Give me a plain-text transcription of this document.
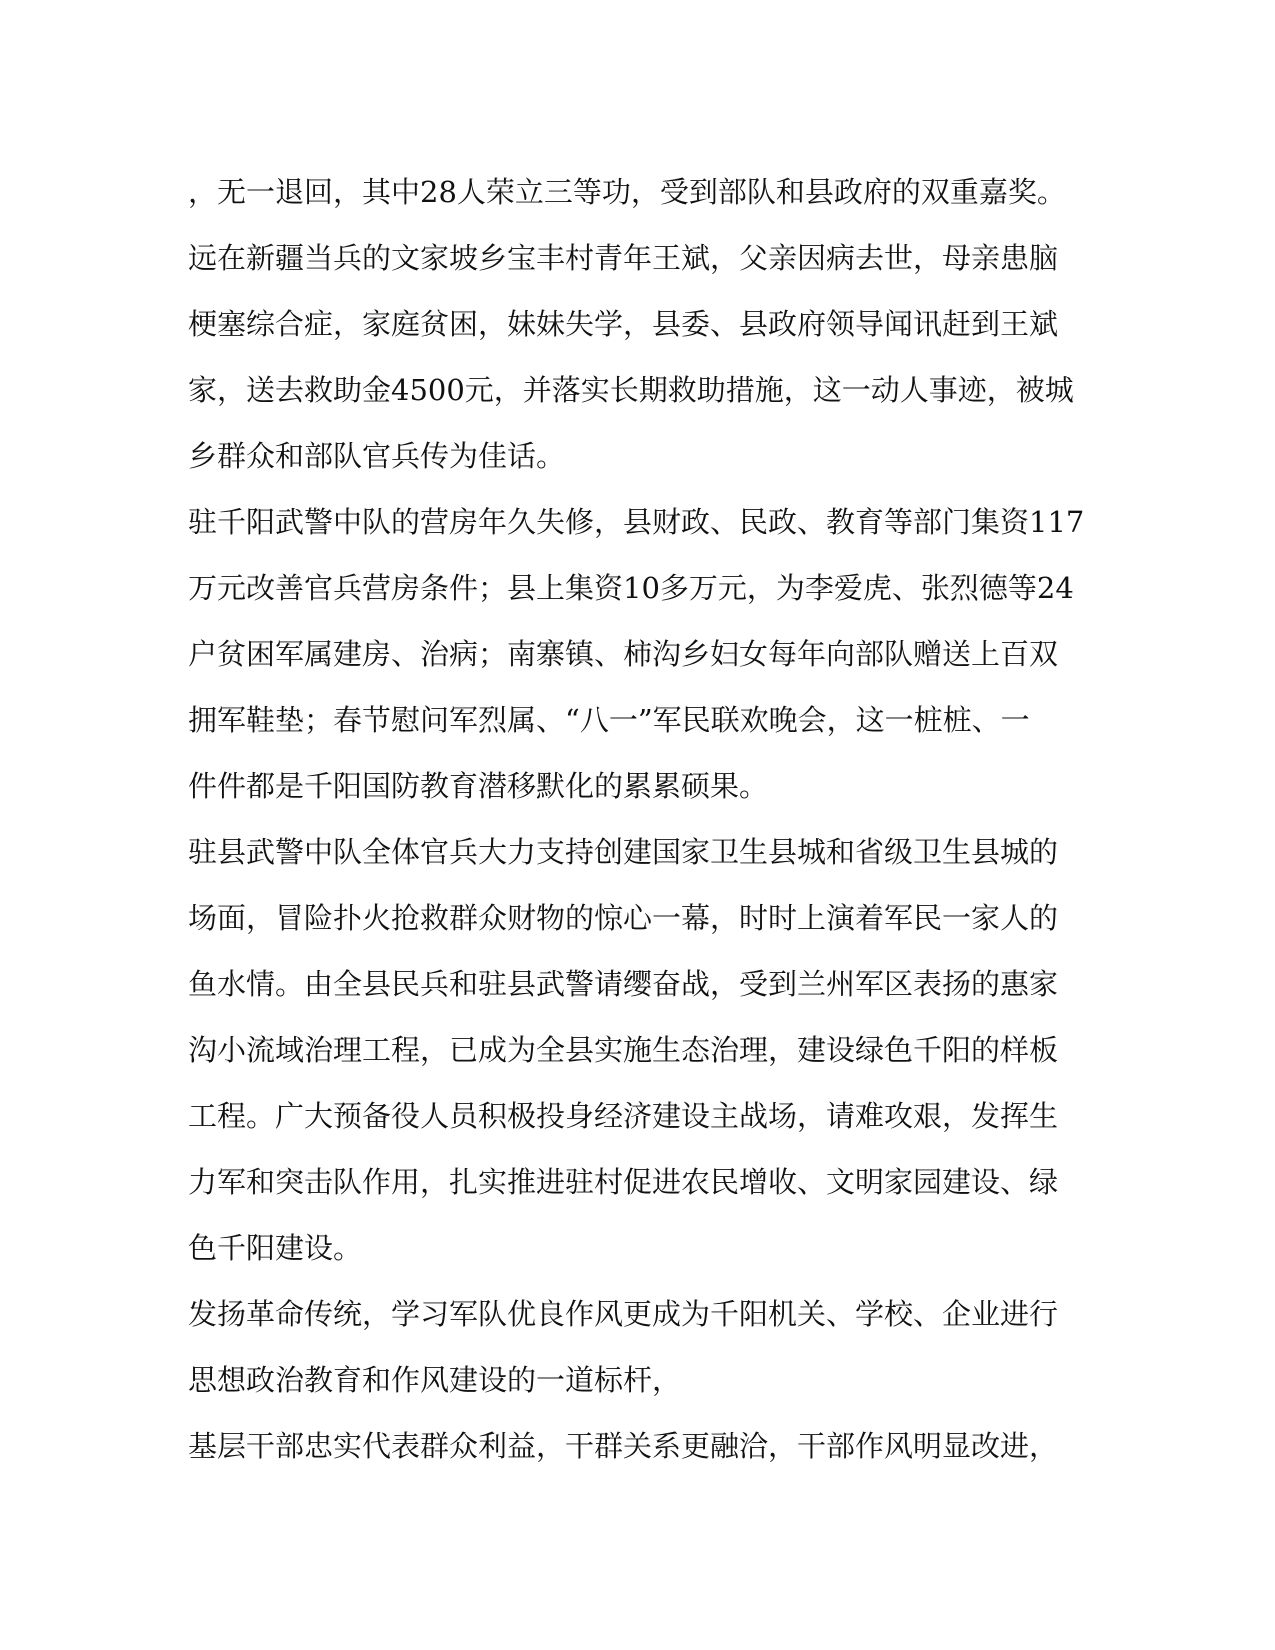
，无一退回，其中28人荣立三等功，受到部队和县政府的双重嘉奖。
远在新疆当兵的文家坡乡宝丰村青年王斌，父亲因病去世，母亲患脑
梗塞综合症，家庭贫困，妹妹失学，县委、县政府领导闻讯赶到王斌
家，送去救助金4500元，并落实长期救助措施，这一动人事迹，被城
乡群众和部队官兵传为佳话。
驻千阳武警中队的营房年久失修，县财政、民政、教育等部门集资117
万元改善官兵营房条件；县上集资10多万元，为李爱虎、张烈德等24
户贫困军属建房、治病；南寨镇、柿沟乡妇女每年向部队赠送上百双
拥军鞋垫；春节慰问军烈属、“八一”军民联欢晚会，这一桩桩、一
件件都是千阳国防教育潜移默化的累累硕果。
驻县武警中队全体官兵大力支持创建国家卫生县城和省级卫生县城的
场面，冒险扑火抢救群众财物的惊心一幕，时时上演着军民一家人的
鱼水情。由全县民兵和驻县武警请缨奋战，受到兰州军区表扬的惠家
沟小流域治理工程，已成为全县实施生态治理，建设绿色千阳的样板
工程。广大预备役人员积极投身经济建设主战场，请难攻艰，发挥生
力军和突击队作用，扎实推进驻村促进农民增收、文明家园建设、绿
色千阳建设。
发扬革命传统，学习军队优良作风更成为千阳机关、学校、企业进行
思想政治教育和作风建设的一道标杆，
基层干部忠实代表群众利益，干群关系更融洽，干部作风明显改进，
